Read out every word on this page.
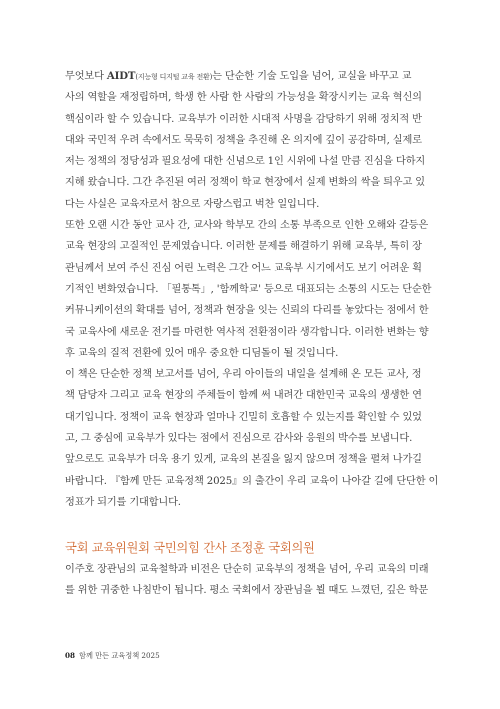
무엇보다 AIDT(지능형 디지털 교육 전환)는 단순한 기술 도입을 넘어, 교실을 바꾸고 교
사의 역할을 재정립하며, 학생 한 사람 한 사람의 가능성을 확장시키는 교육 혁신의
핵심이라 할 수 있습니다. 교육부가 이러한 시대적 사명을 감당하기 위해 정치적 반
대와 국민적 우려 속에서도 묵묵히 정책을 추진해 온 의지에 깊이 공감하며, 실제로
저는 정책의 정당성과 필요성에 대한 신념으로 1인 시위에 나설 만큼 진심을 다하지
지해 왔습니다. 그간 추진된 여러 정책이 학교 현장에서 실제 변화의 싹을 틔우고 있
다는 사실은 교육자로서 참으로 자랑스럽고 벅찬 일입니다.
또한 오랜 시간 동안 교사 간, 교사와 학부모 간의 소통 부족으로 인한 오해와 갈등은
교육 현장의 고질적인 문제였습니다. 이러한 문제를 해결하기 위해 교육부, 특히 장
관님께서 보여 주신 진심 어린 노력은 그간 어느 교육부 시기에서도 보기 어려운 획
기적인 변화였습니다. 「필통톡」, '함께학교' 등으로 대표되는 소통의 시도는 단순한
커뮤니케이션의 확대를 넘어, 정책과 현장을 잇는 신뢰의 다리를 놓았다는 점에서 한
국 교육사에 새로운 전기를 마련한 역사적 전환점이라 생각합니다. 이러한 변화는 향
후 교육의 질적 전환에 있어 매우 중요한 디딤돌이 될 것입니다.
이 책은 단순한 정책 보고서를 넘어, 우리 아이들의 내일을 설계해 온 모든 교사, 정
책 담당자 그리고 교육 현장의 주체들이 함께 써 내려간 대한민국 교육의 생생한 연
대기입니다. 정책이 교육 현장과 얼마나 긴밀히 호흡할 수 있는지를 확인할 수 있었
고, 그 중심에 교육부가 있다는 점에서 진심으로 감사와 응원의 박수를 보냅니다.
앞으로도 교육부가 더욱 용기 있게, 교육의 본질을 잃지 않으며 정책을 펼쳐 나가길
바랍니다. 『함께 만든 교육정책 2025』의 출간이 우리 교육이 나아갈 길에 단단한 이
정표가 되기를 기대합니다.
국회 교육위원회 국민의힘 간사 조정훈 국회의원
이주호 장관님의 교육철학과 비전은 단순히 교육부의 정책을 넘어, 우리 교육의 미래
를 위한 귀중한 나침반이 됩니다. 평소 국회에서 장관님을 뵐 때도 느꼈던, 깊은 학문
08 함께 만든 교육정책 2025
